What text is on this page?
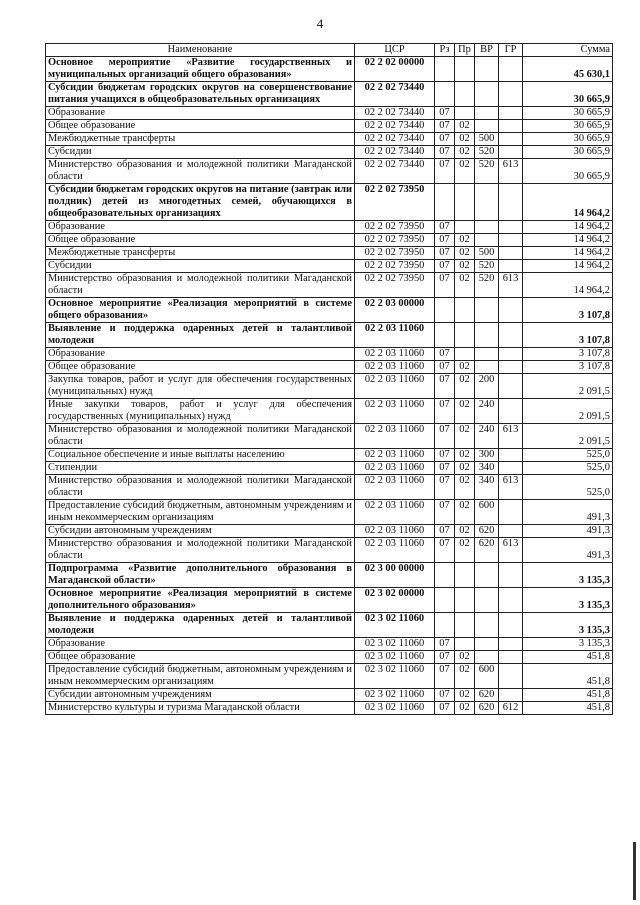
4
Наименование	ЦСР	Рз	Пр	ВР	ГР	Сумма
Основное мероприятие «Развитие государственных и муниципальных организаций общего образования»	02 2 02 00000					45 630,1
Субсидии бюджетам городских округов на совершенствование питания учащихся в общеобразовательных организациях	02 2 02 73440					30 665,9
Образование	02 2 02 73440	07				30 665,9
Общее образование	02 2 02 73440	07	02			30 665,9
Межбюджетные трансферты	02 2 02 73440	07	02	500		30 665,9
Субсидии	02 2 02 73440	07	02	520		30 665,9
Министерство образования и молодежной политики Магаданской области	02 2 02 73440	07	02	520	613	30 665,9
Субсидии бюджетам городских округов на питание (завтрак или полдник) детей из многодетных семей, обучающихся в общеобразовательных организациях	02 2 02 73950					14 964,2
Образование	02 2 02 73950	07				14 964,2
Общее образование	02 2 02 73950	07	02			14 964,2
Межбюджетные трансферты	02 2 02 73950	07	02	500		14 964,2
Субсидии	02 2 02 73950	07	02	520		14 964,2
Министерство образования и молодежной политики Магаданской области	02 2 02 73950	07	02	520	613	14 964,2
Основное мероприятие «Реализация мероприятий в системе общего образования»	02 2 03 00000					3 107,8
Выявление и поддержка одаренных детей и талантливой молодежи	02 2 03 11060					3 107,8
Образование	02 2 03 11060	07				3 107,8
Общее образование	02 2 03 11060	07	02			3 107,8
Закупка товаров, работ и услуг для обеспечения государственных (муниципальных) нужд	02 2 03 11060	07	02	200		2 091,5
Иные закупки товаров, работ и услуг для обеспечения государственных (муниципальных) нужд	02 2 03 11060	07	02	240		2 091,5
Министерство образования и молодежной политики Магаданской области	02 2 03 11060	07	02	240	613	2 091,5
Социальное обеспечение и иные выплаты населению	02 2 03 11060	07	02	300		525,0
Стипендии	02 2 03 11060	07	02	340		525,0
Министерство образования и молодежной политики Магаданской области	02 2 03 11060	07	02	340	613	525,0
Предоставление субсидий бюджетным, автономным учреждениям и иным некоммерческим организациям	02 2 03 11060	07	02	600		491,3
Субсидии автономным учреждениям	02 2 03 11060	07	02	620		491,3
Министерство образования и молодежной политики Магаданской области	02 2 03 11060	07	02	620	613	491,3
Подпрограмма «Развитие дополнительного образования в Магаданской области»	02 3 00 00000					3 135,3
Основное мероприятие «Реализация мероприятий в системе дополнительного образования»	02 3 02 00000					3 135,3
Выявление и поддержка одаренных детей и талантливой молодежи	02 3 02 11060					3 135,3
Образование	02 3 02 11060	07				3 135,3
Общее образование	02 3 02 11060	07	02			451,8
Предоставление субсидий бюджетным, автономным учреждениям и иным некоммерческим организациям	02 3 02 11060	07	02	600		451,8
Субсидии автономным учреждениям	02 3 02 11060	07	02	620		451,8
Министерство культуры и туризма Магаданской области	02 3 02 11060	07	02	620	612	451,8
